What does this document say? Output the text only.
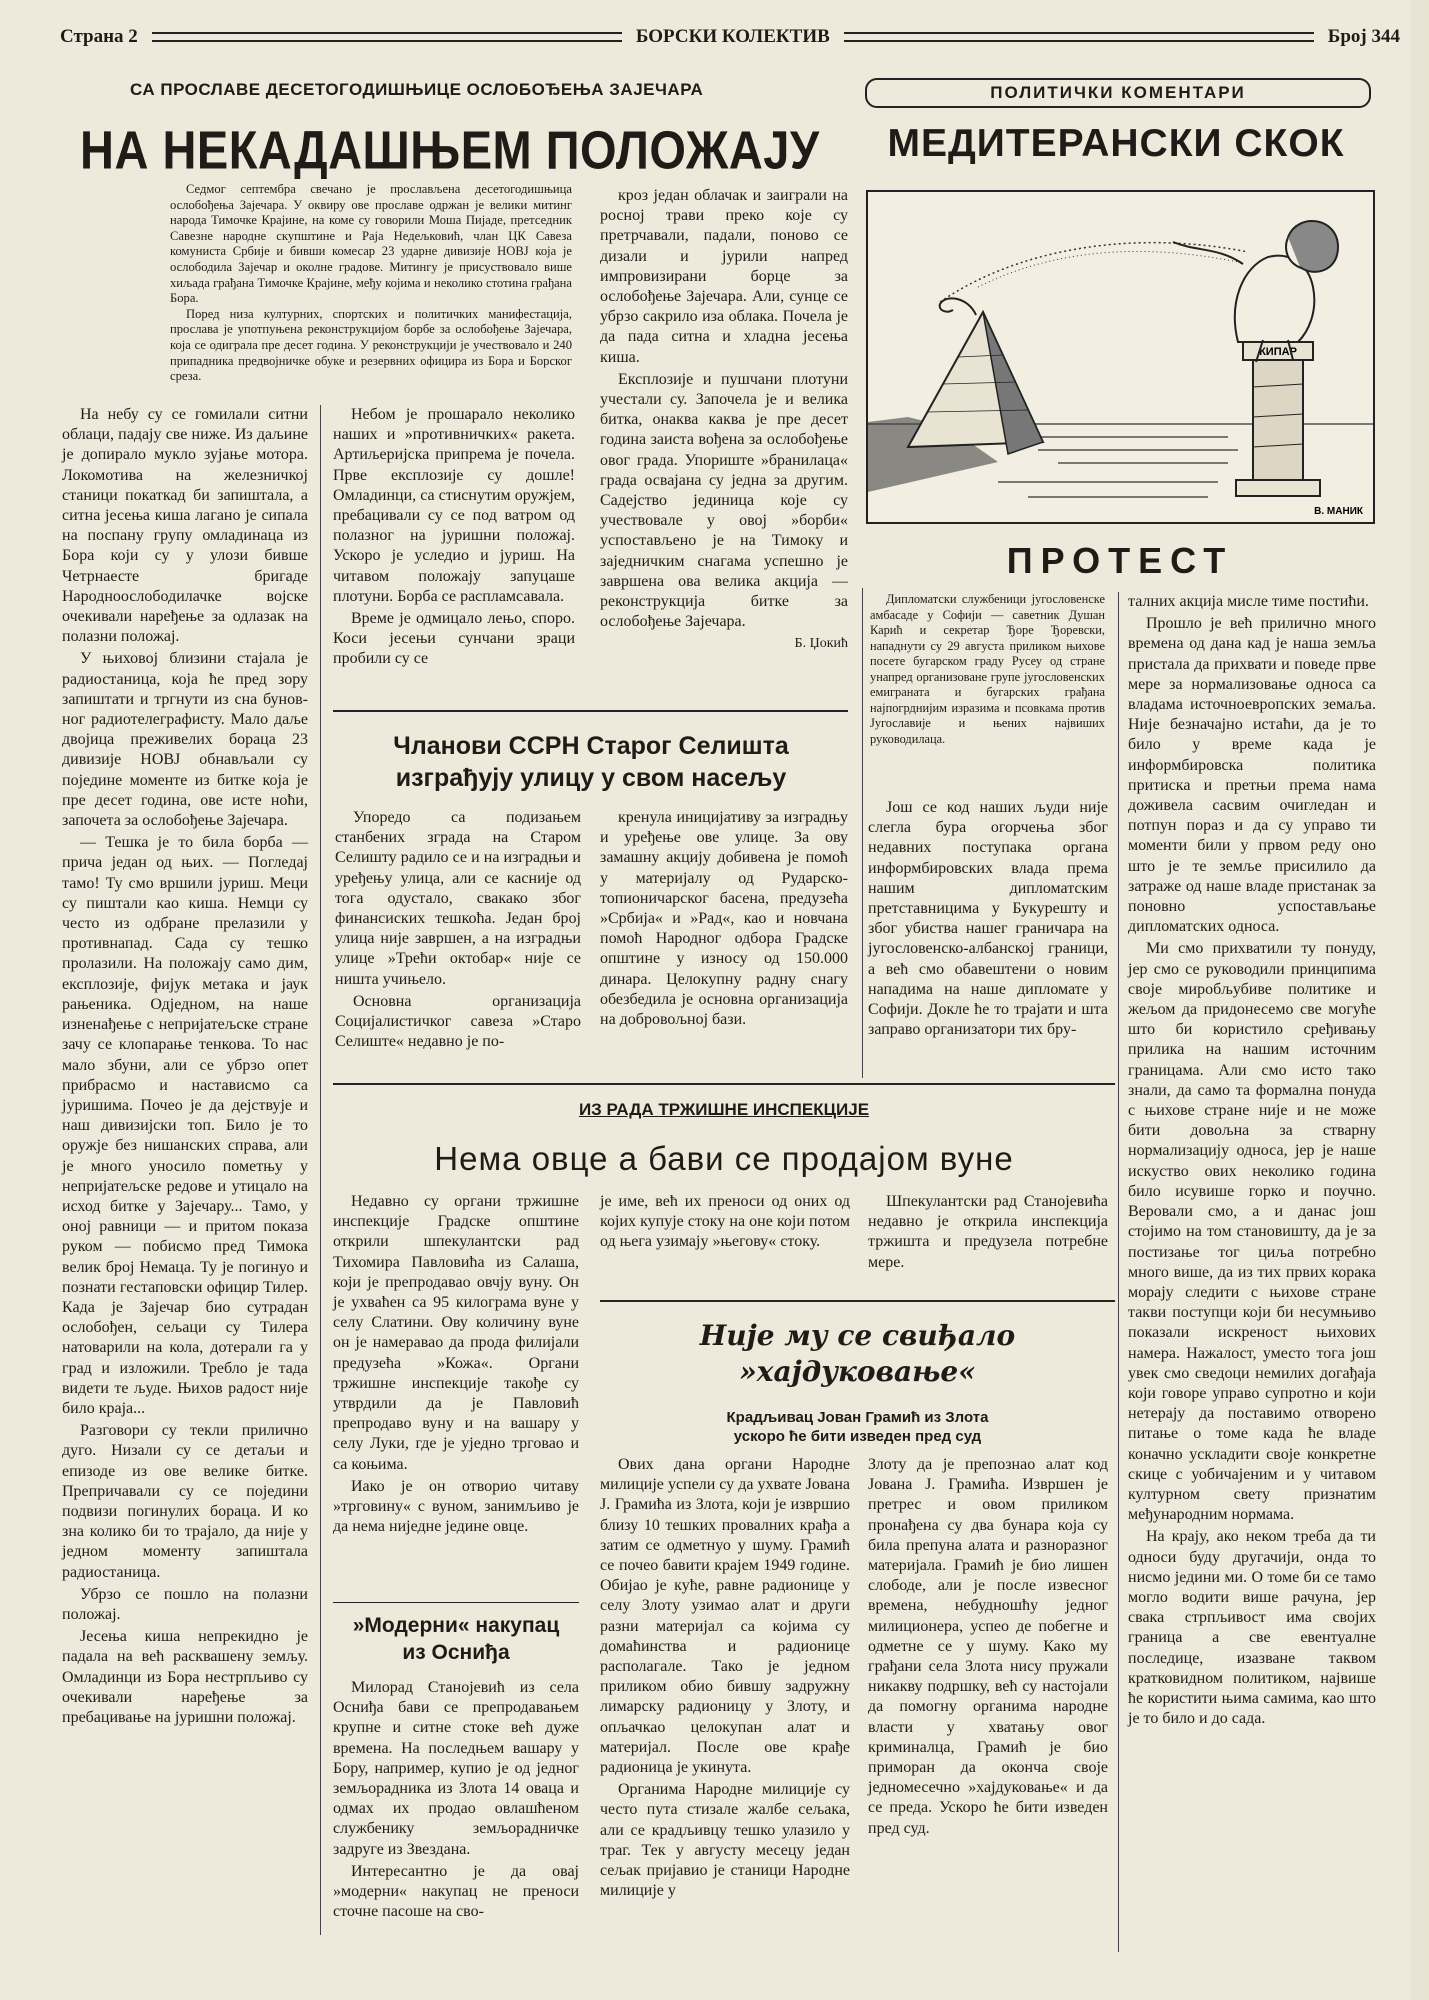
Страна 2	БОРСКИ КОЛЕКТИВ	Број 344
СА ПРОСЛАВЕ ДЕСЕТОГОДИШЊИЦЕ ОСЛОБОЂЕЊА ЗАЈЕЧАРА
НА НЕКАДАШЊЕМ ПОЛОЖАЈУ

Седмог септембра свечано је прослављена десетогодишњица ослобођења Зајечара. У оквиру ове прославе одржан је велики митинг народа Тимочке Крајине, на коме су говорили Моша Пијаде, претседник Савезне народне скупштине и Раја Недељковић, члан ЦК Савеза комуниста Србије и бивши комесар 23 ударне дивизије НОВЈ која је ослободила Зајечар и околне градове. Митингу је присуствовало више хиљада грађана Тимочке Крајине, међу којима и неколико стотина грађана Бора.

Поред низа културних, спортских и политичких манифестација, прослава је употпуњена реконструкцијом борбе за ослобођење Зајечара, која се одиграла пре десет година. У реконструкцији је учествовало и 240 припадника предвојничке обуке и резервних официра из Бора и Борског среза.

На небу су се гомилали ситни облаци, падају све ниже. Из даљине је допирало мукло зујање мотора. Локомотива на железничкој станици покаткад би запиштала, а ситна јесења киша лагано је сипала на поспану групу омладинаца из Бора који су у улози бивше Четрнаесте бригаде Народноослободилачке војске очекивали наређење за одлазак на полазни положај.

У њиховој близини стајала је радиостаница, која ће пред зору запиштати и тргнути из сна буновног радиотелеграфисту. Мало даље двојица преживелих бораца 23 дивизије НОВЈ обнављали су поједине моменте из битке која је пре десет година, ове исте ноћи, започета за ослобођење Зајечара.

— Тешка је то била борба — прича један од њих. — Погледај тамо! Ту смо вршили јуриш. Меци су пиштали као киша. Немци су често из одбране прелазили у противнапад. Сада су тешко пролазили. На положају само дим, експлозије, фијук метака и јаук рањеника. Одједном, на наше изненађење с непријатељске стране зачу се клопарање тенкова. То нас мало збуни, али се убрзо опет прибрасмо и настависмо са јуришима. Почео је да дејствује и наш дивизијски топ. Било је то оружје без нишанских справа, али је много уносило пометњу у непријатељске редове и утицало на исход битке у Зајечару... Тамо, у оној равници — и притом показа руком — побисмо пред Тимока велик број Немаца. Ту је погинуо и познати гестаповски официр Тилер. Када је Зајечар био сутрадан ослобођен, сељаци су Тилера натоварили на кола, дотерали га у град и изложили. Требло је тада видети те људе. Њихов радост није било краја...

Разговори су текли прилично дуго. Низали су се детаљи и епизоде из ове велике битке. Препричавали су се поједини подвизи погинулих бораца. И ко зна колико би то трајало, да није у једном моменту запиштала радиостаница.

Убрзо се пошло на полазни положај.

Јесења киша непрекидно је падала на већ расквашену земљу. Омладинци из Бора нестрпљиво су очекивали наређење за пребацивање на јуришни положај.

Небом је прошарало неколико наших и »противничких« ракета. Артиљеријска припрема је почела. Прве експлозије су дошле! Омладинци, са стиснутим оружјем, пребацивали су се под ватром од полазног на јуришни положај. Ускоро је уследио и јуриш. На читавом положају запуцаше плотуни. Борба се распламсавала.

Време је одмицало лењо, споро. Коси јесењи сунчани зраци пробили су се

кроз један облачак и заиграли на росној трави преко које су претрчавали, падали, поново се дизали и јурили напред импровизирани борце за ослобођење Зајечара. Али, сунце се убрзо сакрило иза облака. Почела је да пада ситна и хладна јесења киша.

Експлозије и пушчани плотуни учестали су. Започела је и велика битка, онаква каква је пре десет година заиста вођена за ослобођење овог града. Упориште »бранилаца« града освајана су једна за другим. Садејство јединица које су учествовале у овој »борби« успостављено је на Тимоку и заједничким снагама успешно је завршена ова велика акција — реконструкција битке за ослобођење Зајечара.

Б. Џокић
Чланови ССРН Старог Селишта
изграђују улицу у свом насељу

Упоредо са подизањем станбених зграда на Старом Селишту радило се и на изградњи и уређењу улица, али се касније од тога одустало, свакако због финансиских тешкоћа. Један број улица није завршен, а на изградњи улице »Трећи октобар« није се ништа учињело.

Основна организација Социјалистичког савеза »Старо Селиште« недавно је по-

кренула иницијативу за изградњу и уређење ове улице. За ову замашну акцију добивена је помоћ у материјалу од Рударско-топионичарског басена, предузећа »Србија« и »Рад«, као и новчана помоћ Народног одбора Градске општине у износу од 150.000 динара. Целокупну радну снагу обезбедила је основна организација на добровољној бази.

ПОЛИТИЧКИ КОМЕНТАРИ
МЕДИТЕРАНСКИ СКОК
КИПАР
В. МАНИК
ПРОТЕСТ

Дипломатски службеници југословенске амбасаде у Софији — саветник Душан Карић и секретар Ђоре Ђоревски, нападнути су 29 августа приликом њихове посете бугарском граду Русеу од стране унапред организоване групе југословенских емиграната и бугарских грађана најпогрднијим изразима и псовкама против Југославије и њених највиших руководилаца.

Још се код наших људи није слегла бура огорчења због недавних поступака органа информбировских влада према нашим дипломатским претставницима у Букурешту и због убиства нашег граничара на југословенско-албанској граници, а већ смо обавештени о новим нападима на наше дипломате у Софији. Докле ће то трајати и шта заправо организатори тих бру-

талних акција мисле тиме постићи.

Прошло је већ прилично много времена од дана кад је наша земља пристала да прихвати и поведе прве мере за нормализовање односа са владама источноевропских земаља. Није безначајно истаћи, да је то било у време када је информбировска политика притиска и претњи према нама доживела сасвим очигледан и потпун пораз и да су управо ти моменти били у првом реду оно што је те земље присилило да затраже од наше владе пристанак за поновно успостављање дипломатских односа.

Ми смо прихватили ту понуду, јер смо се руководили принципима своје миробљубиве политике и жељом да придонесемо све могуће што би користило сређивању прилика на нашим источним границама. Али смо исто тако знали, да само та формална понуда с њихове стране није и не може бити довољна за стварну нормализацију односа, јер је наше искуство ових неколико година било исувише горко и поучно. Веровали смо, а и данас још стојимо на том становишту, да је за постизање тог циља потребно много више, да из тих првих корака морају следити с њихове стране такви поступци који би несумњиво показали искреност њихових намера. Нажалост, уместо тога још увек смо сведоци немилих догађаја који говоре управо супротно и који нетерају да поставимо отворено питање о томе када ће владе коначно ускладити своје конкретне скице с уобичајеним и у читавом културном свету признатим међународним нормама.

На крају, ако неком треба да ти односи буду другачији, онда то нисмо једини ми. О томе би се тамо могло водити више рачуна, јер свака стрпљивост има својих граница а све евентуалне последице, изазване таквом кратковидном политиком, највише ће користити њима самима, као што је то било и до сада.

ИЗ РАДА ТРЖИШНЕ ИНСПЕКЦИЈЕ
Нема овце а бави се продајом вуне

Недавно су органи тржишне инспекције Градске општине открили шпекулантски рад Тихомира Павловића из Салаша, који је препродавао овчју вуну. Он је ухваћен са 95 килограма вуне у селу Слатини. Ову количину вуне он је намеравао да прода филијали предузећа »Кожа«. Органи тржишне инспекције такође су утврдили да је Павловић препродаво вуну и на вашару у селу Луки, где је уједно трговао и са коњима.

Иако је он отворио читаву »трговину« с вуном, занимљиво је да нема ниједне једине овце.

је име, већ их преноси од оних од којих купује стоку на оне који потом од њега узимају »његову« стоку.

Шпекулантски рад Станојевића недавно је открила инспекција тржишта и предузела потребне мере.

»Модерни« накупац
из Осниђа

Милорад Станојевић из села Осниђа бави се препродавањем крупне и ситне стоке већ дуже времена. На последњем вашару у Бору, например, купио је од једног земљорадника из Злота 14 оваца и одмах их продао овлашћеном службенику земљорадничке задруге из Звездана.

Интересантно је да овај »модерни« накупац не преноси сточне пасоше на сво-

Није му се свиђало
»хајдуковање«
Крадљивац Јован Грамић из Злота
ускоро ће бити изведен пред суд

Ових дана органи Народне милиције успели су да ухвате Јована Ј. Грамића из Злота, који је извршио близу 10 тешких провалних крађа а затим се одметнуо у шуму. Грамић се почео бавити крајем 1949 године. Обијао је куће, равне радионице у селу Злоту узимао алат и други разни материјал са којима су домаћинства и радионице располагале. Тако је једном приликом обио бившу задружну лимарску радионицу у Злоту, и опљачкао целокупан алат и материјал. После ове крађе радионица је укинута.

Органима Народне милиције су често пута стизале жалбе сељака, али се крадљивцу тешко улазило у траг. Тек у августу месецу један сељак пријавио је станици Народне милиције у

Злоту да је препознао алат код Јована Ј. Грамића. Извршен је претрес и овом приликом пронађена су два бунара која су била препуна алата и разноразног материјала. Грамић је био лишен слободе, али је после извесног времена, небудношћу једног милиционера, успео де побегне и одметне се у шуму. Како му грађани села Злота нису пружали никакву подршку, већ су настојали да помогну органима народне власти у хватању овог криминалца, Грамић је био приморан да оконча своје једномесечно »хајдуковање« и да се преда. Ускоро ће бити изведен пред суд.
